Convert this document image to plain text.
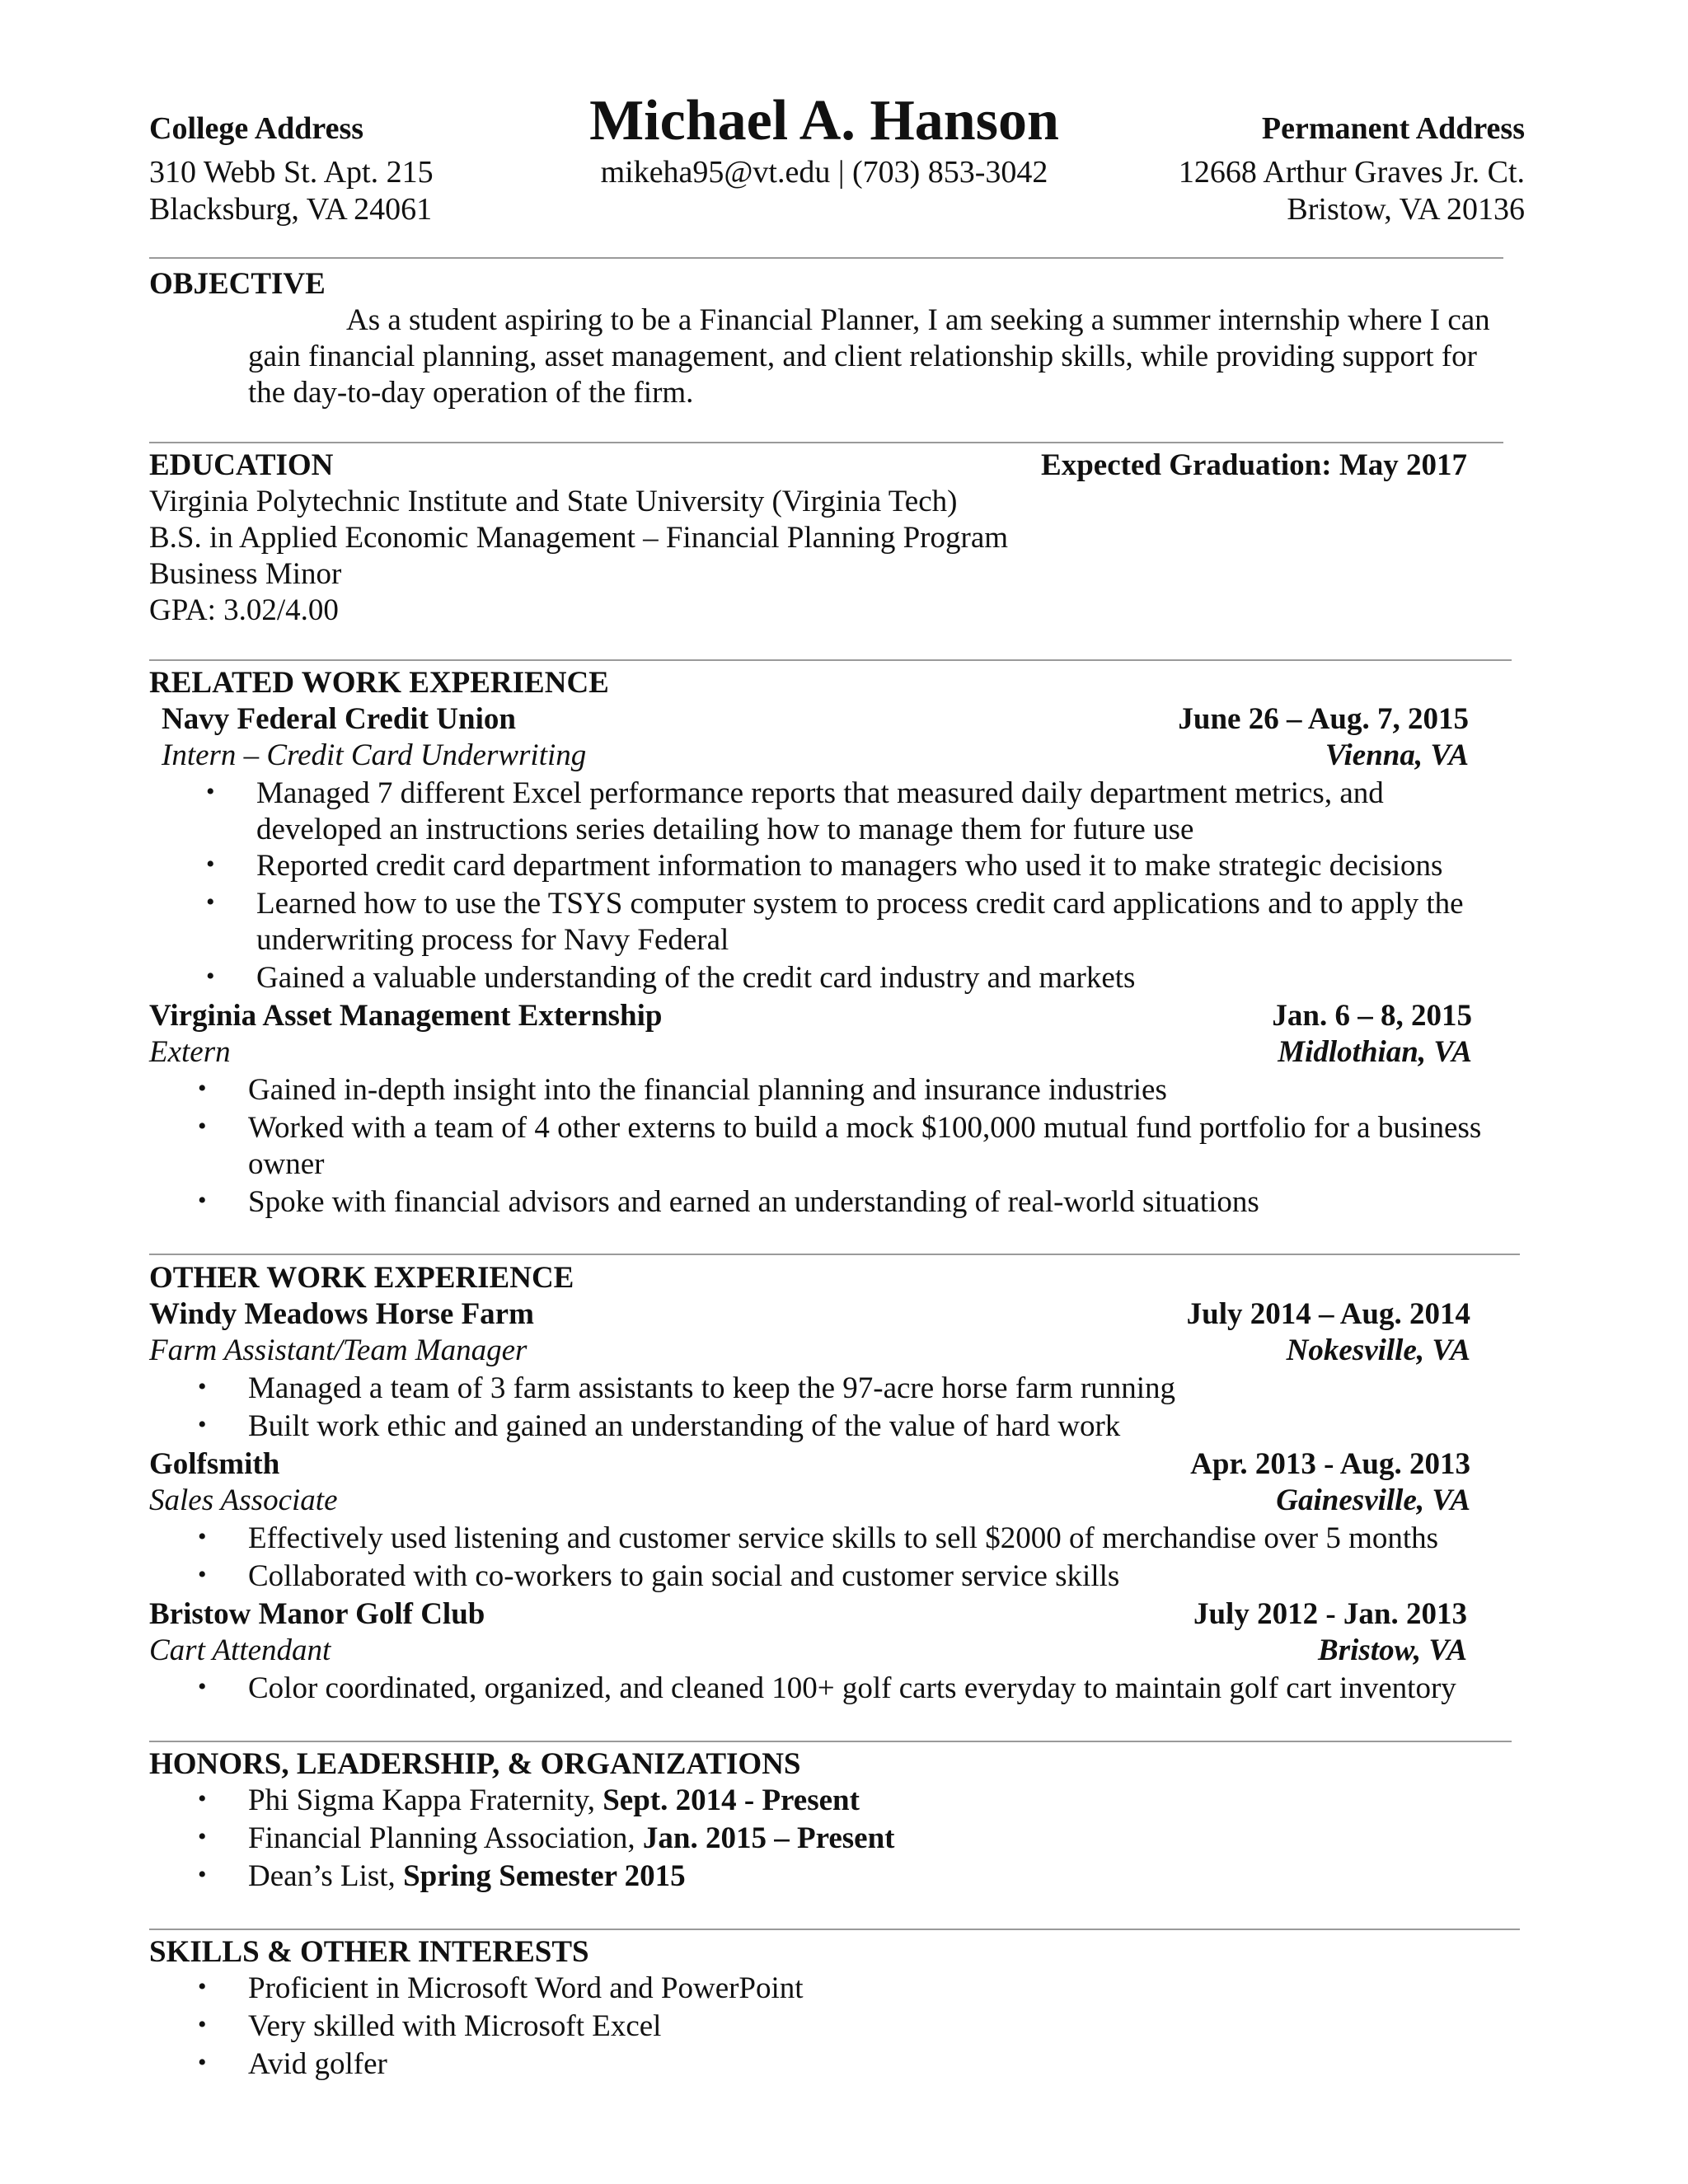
College Address
310 Webb St. Apt. 215
Blacksburg, VA 24061
Michael A. Hanson
mikeha95@vt.edu | (703) 853-3042
Permanent Address
12668 Arthur Graves Jr. Ct.
Bristow, VA 20136
OBJECTIVE
As a student aspiring to be a Financial Planner, I am seeking a summer internship where I can
gain financial planning, asset management, and client relationship skills, while providing support for
the day-to-day operation of the firm.
EDUCATION	Expected Graduation: May 2017
Virginia Polytechnic Institute and State University (Virginia Tech)
B.S. in Applied Economic Management – Financial Planning Program
Business Minor
GPA: 3.02/4.00
RELATED WORK EXPERIENCE
Navy Federal Credit Union	June 26 – Aug. 7, 2015
Intern – Credit Card Underwriting	Vienna, VA
• Managed 7 different Excel performance reports that measured daily department metrics, and
developed an instructions series detailing how to manage them for future use
• Reported credit card department information to managers who used it to make strategic decisions
• Learned how to use the TSYS computer system to process credit card applications and to apply the
underwriting process for Navy Federal
• Gained a valuable understanding of the credit card industry and markets
Virginia Asset Management Externship	Jan. 6 – 8, 2015
Extern	Midlothian, VA
• Gained in-depth insight into the financial planning and insurance industries
• Worked with a team of 4 other externs to build a mock $100,000 mutual fund portfolio for a business
owner
• Spoke with financial advisors and earned an understanding of real-world situations
OTHER WORK EXPERIENCE
Windy Meadows Horse Farm	July 2014 – Aug. 2014
Farm Assistant/Team Manager	Nokesville, VA
• Managed a team of 3 farm assistants to keep the 97-acre horse farm running
• Built work ethic and gained an understanding of the value of hard work
Golfsmith	Apr. 2013 - Aug. 2013
Sales Associate	Gainesville, VA
• Effectively used listening and customer service skills to sell $2000 of merchandise over 5 months
• Collaborated with co-workers to gain social and customer service skills
Bristow Manor Golf Club	July 2012 - Jan. 2013
Cart Attendant	Bristow, VA
• Color coordinated, organized, and cleaned 100+ golf carts everyday to maintain golf cart inventory
HONORS, LEADERSHIP, & ORGANIZATIONS
• Phi Sigma Kappa Fraternity, Sept. 2014 - Present
• Financial Planning Association, Jan. 2015 – Present
• Dean’s List, Spring Semester 2015
SKILLS & OTHER INTERESTS
• Proficient in Microsoft Word and PowerPoint
• Very skilled with Microsoft Excel
• Avid golfer
